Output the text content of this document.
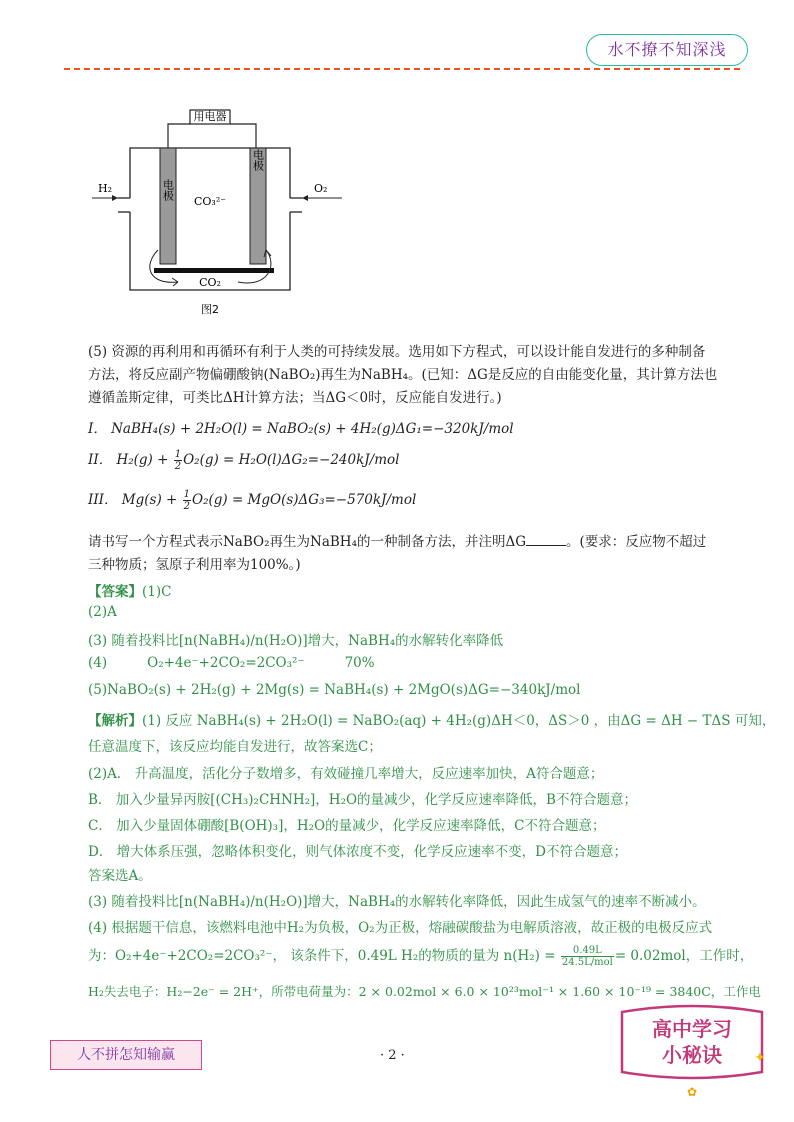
水不撩不知深浅
用电器
电极
电极
CO₃²⁻
CO₂
H₂	O₂
图2
(5) 资源的再利用和再循环有利于人类的可持续发展。选用如下方程式，可以设计能自发进行的多种制备
方法，将反应副产物偏硼酸钠(NaBO₂)再生为NaBH₄。(已知：ΔG是反应的自由能变化量，其计算方法也
遵循盖斯定律，可类比ΔH计算方法；当ΔG＜0时，反应能自发进行。)
I． NaBH₄(s) + 2H₂O(l) = NaBO₂(s) + 4H₂(g)ΔG₁=−320kJ/mol
II． $H_2(g) + \frac{1}{2} O_2(g) = H_2O(l)\Delta G_2=-240kJ/mol$
III． $Mg(s) + \frac{1}{2} O_2(g) = MgO(s)\Delta G_3=-570kJ/mol$
请书写一个方程式表示NaBO₂再生为NaBH₄的一种制备方法，并注明ΔG	。(要求：反应物不超过
三种物质；氢原子利用率为100%。)
【答案】(1)C
(2)A
(3) 随着投料比[n(NaBH₄)/n(H₂O)]增大，NaBH₄的水解转化率降低
(4)	O₂+4e⁻+2CO₂=2CO₃²⁻	70%
(5)NaBO₂(s) + 2H₂(g) + 2Mg(s) = NaBH₄(s) + 2MgO(s)ΔG=−340kJ/mol
【解析】(1) 反应 NaBH₄(s) + 2H₂O(l) = NaBO₂(aq) + 4H₂(g)ΔH＜0，ΔS＞0 ，由ΔG = ΔH − TΔS 可知，
任意温度下，该反应均能自发进行，故答案选C；
(2)A． 升高温度，活化分子数增多，有效碰撞几率增大，反应速率加快，A符合题意；
B． 加入少量异丙胺[(CH₃)₂CHNH₂]，H₂O的量减少，化学反应速率降低，B不符合题意；
C． 加入少量固体硼酸[B(OH)₃]，H₂O的量减少，化学反应速率降低，C不符合题意；
D． 增大体系压强，忽略体积变化，则气体浓度不变，化学反应速率不变，D不符合题意；
答案选A。
(3) 随着投料比[n(NaBH₄)/n(H₂O)]增大，NaBH₄的水解转化率降低，因此生成氢气的速率不断减小。
(4) 根据题干信息，该燃料电池中H₂为负极，O₂为正极，熔融碳酸盐为电解质溶液，故正极的电极反应式
为：O₂+4e⁻+2CO₂=2CO₃²⁻， 该条件下，0.49L H₂的物质的量为 $n(H_2) = \frac{0.49L}{\text{24.5L/mol}} = 0.02mol$，工作时，
H₂失去电子：H₂−2e⁻ = 2H⁺，所带电荷量为：2 × 0.02mol × 6.0 × 10²³mol⁻¹ × 1.60 × 10⁻¹⁹ = 3840C，工作电
人不拼怎知输赢	· 2 ·
高中学习
小秘诀 ✦
✿
